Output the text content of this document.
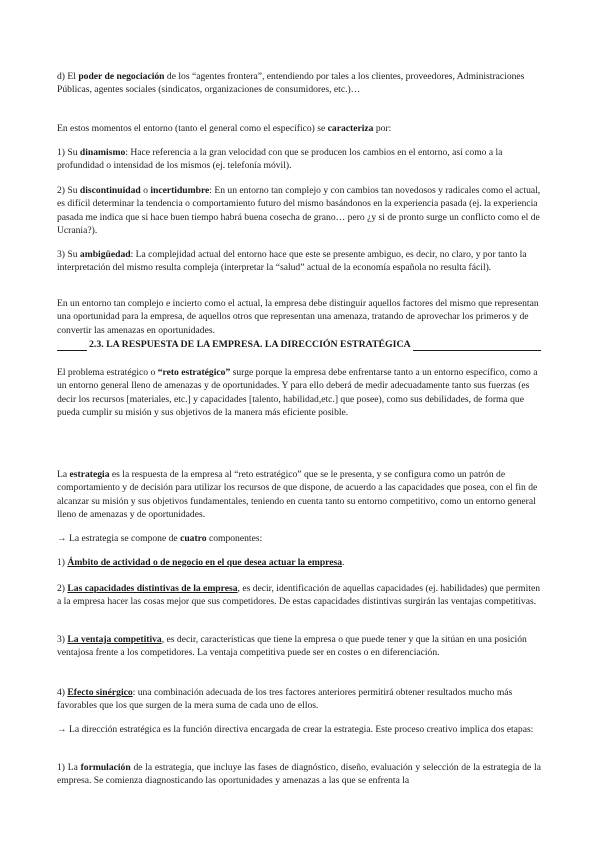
d) El poder de negociación de los “agentes frontera”, entendiendo por tales a los clientes, proveedores, Administraciones Públicas, agentes sociales (sindicatos, organizaciones de consumidores, etc.)…

En estos momentos el entorno (tanto el general como el específico) se caracteriza por:

1) Su dinamismo: Hace referencia a la gran velocidad con que se producen los cambios en el entorno, así como a la profundidad o intensidad de los mismos (ej. telefonía móvil).

2) Su discontinuidad o incertidumbre: En un entorno tan complejo y con cambios tan novedosos y radicales como el actual, es difícil determinar la tendencia o comportamiento futuro del mismo basándonos en la experiencia pasada (ej. la experiencia pasada me indica que si hace buen tiempo habrá buena cosecha de grano… pero ¿y si de pronto surge un conflicto como el de Ucrania?).

3) Su ambigüedad: La complejidad actual del entorno hace que este se presente ambiguo, es decir, no claro, y por tanto la interpretación del mismo resulta compleja (interpretar la “salud” actual de la economía española no resulta fácil).

En un entorno tan complejo e incierto como el actual, la empresa debe distinguir aquellos factores del mismo que representan una oportunidad para la empresa, de aquellos otros que representan una amenaza, tratando de aprovechar los primeros y de convertir las amenazas en oportunidades.

2.3. LA RESPUESTA DE LA EMPRESA. LA DIRECCIÓN ESTRATÉGICA

El problema estratégico o “reto estratégico” surge porque la empresa debe enfrentarse tanto a un entorno específico, como a un entorno general lleno de amenazas y de oportunidades. Y para ello deberá de medir adecuadamente tanto sus fuerzas (es decir los recursos [materiales, etc.] y capacidades [talento, habilidad,etc.] que posee), como sus debilidades, de forma que pueda cumplir su misión y sus objetivos de la manera más eficiente posible.

La estrategia es la respuesta de la empresa al “reto estratégico” que se le presenta, y se configura como un patrón de comportamiento y de decisión para utilizar los recursos de que dispone, de acuerdo a las capacidades que posea, con el fin de alcanzar su misión y sus objetivos fundamentales, teniendo en cuenta tanto su entorno competitivo, como un entorno general lleno de amenazas y de oportunidades.

→ La estrategia se compone de cuatro componentes:

1) Ámbito de actividad o de negocio en el que desea actuar la empresa.

2) Las capacidades distintivas de la empresa, es decir, identificación de aquellas capacidades (ej. habilidades) que permiten a la empresa hacer las cosas mejor que sus competidores. De estas capacidades distintivas surgirán las ventajas competitivas.

3) La ventaja competitiva, es decir, características que tiene la empresa o que puede tener y que la sitúan en una posición ventajosa frente a los competidores. La ventaja competitiva puede ser en costes o en diferenciación.

4) Efecto sinérgico: una combinación adecuada de los tres factores anteriores permitirá obtener resultados mucho más favorables que los que surgen de la mera suma de cada uno de ellos.

→ La dirección estratégica es la función directiva encargada de crear la estrategia. Este proceso creativo implica dos etapas:

1) La formulación de la estrategia, que incluye las fases de diagnóstico, diseño, evaluación y selección de la estrategia de la empresa. Se comienza diagnosticando las oportunidades y amenazas a las que se enfrenta la
